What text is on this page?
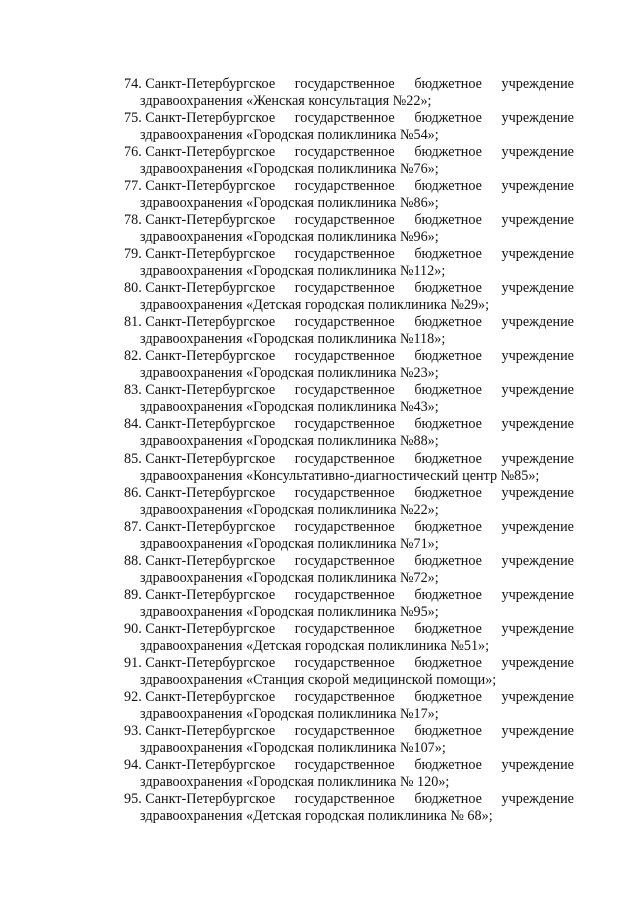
74. Санкт-Петербургское государственное бюджетное учреждение
здравоохранения «Женская консультация №22»;
75. Санкт-Петербургское государственное бюджетное учреждение
здравоохранения «Городская поликлиника №54»;
76. Санкт-Петербургское государственное бюджетное учреждение
здравоохранения «Городская поликлиника №76»;
77. Санкт-Петербургское государственное бюджетное учреждение
здравоохранения «Городская поликлиника №86»;
78. Санкт-Петербургское государственное бюджетное учреждение
здравоохранения «Городская поликлиника №96»;
79. Санкт-Петербургское государственное бюджетное учреждение
здравоохранения «Городская поликлиника №112»;
80. Санкт-Петербургское государственное бюджетное учреждение
здравоохранения «Детская городская поликлиника №29»;
81. Санкт-Петербургское государственное бюджетное учреждение
здравоохранения «Городская поликлиника №118»;
82. Санкт-Петербургское государственное бюджетное учреждение
здравоохранения «Городская поликлиника №23»;
83. Санкт-Петербургское государственное бюджетное учреждение
здравоохранения «Городская поликлиника №43»;
84. Санкт-Петербургское государственное бюджетное учреждение
здравоохранения «Городская поликлиника №88»;
85. Санкт-Петербургское государственное бюджетное учреждение
здравоохранения «Консультативно-диагностический центр №85»;
86. Санкт-Петербургское государственное бюджетное учреждение
здравоохранения «Городская поликлиника №22»;
87. Санкт-Петербургское государственное бюджетное учреждение
здравоохранения «Городская поликлиника №71»;
88. Санкт-Петербургское государственное бюджетное учреждение
здравоохранения «Городская поликлиника №72»;
89. Санкт-Петербургское государственное бюджетное учреждение
здравоохранения «Городская поликлиника №95»;
90. Санкт-Петербургское государственное бюджетное учреждение
здравоохранения «Детская городская поликлиника №51»;
91. Санкт-Петербургское государственное бюджетное учреждение
здравоохранения «Станция скорой медицинской помощи»;
92. Санкт-Петербургское государственное бюджетное учреждение
здравоохранения «Городская поликлиника №17»;
93. Санкт-Петербургское государственное бюджетное учреждение
здравоохранения «Городская поликлиника №107»;
94. Санкт-Петербургское государственное бюджетное учреждение
здравоохранения «Городская поликлиника № 120»;
95. Санкт-Петербургское государственное бюджетное учреждение
здравоохранения «Детская городская поликлиника № 68»;
